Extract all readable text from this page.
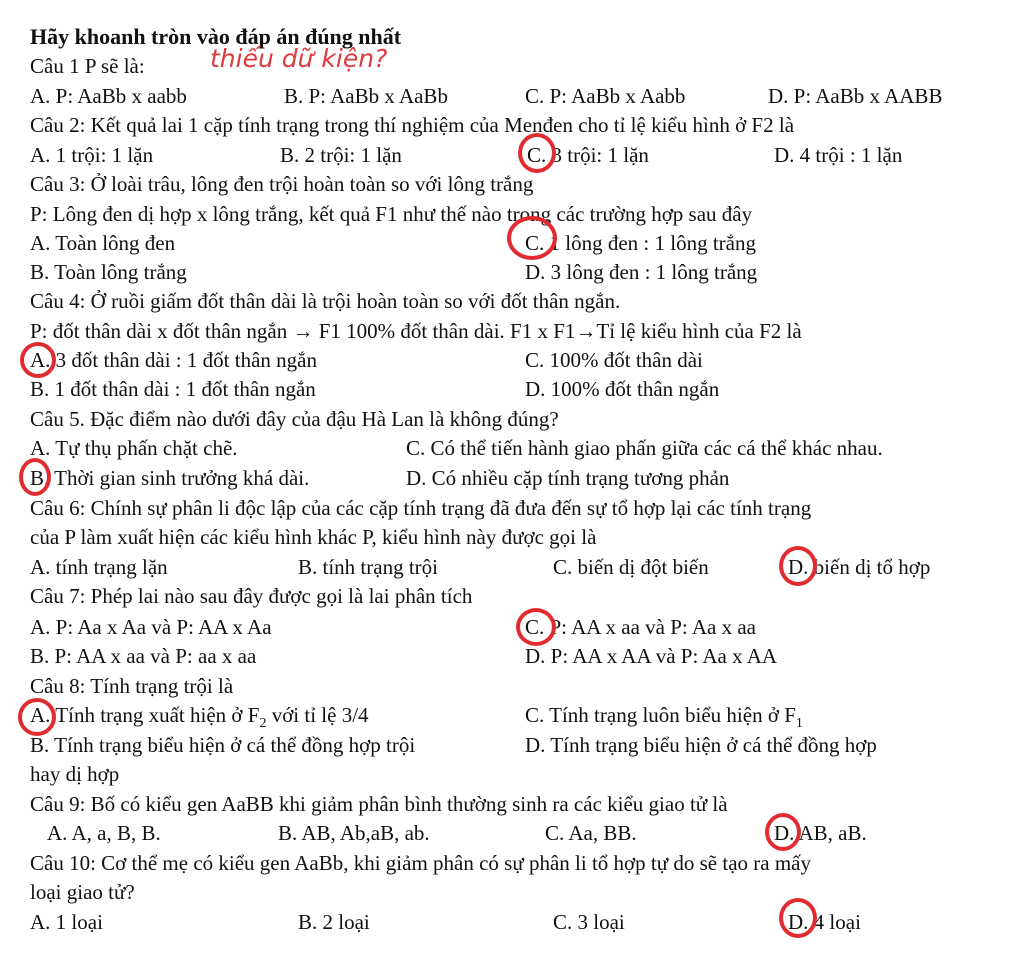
Hãy khoanh tròn vào đáp án đúng nhất
Câu 1 P sẽ là:	thiếu dữ kiện?
A. P: AaBb x aabb	B. P: AaBb x AaBb	C. P: AaBb x Aabb	D. P: AaBb x AABB
Câu 2: Kết quả lai 1 cặp tính trạng trong thí nghiệm của Menđen cho tỉ lệ kiểu hình ở F2 là
A. 1 trội: 1 lặn	B. 2 trội: 1 lặn	C. 3 trội: 1 lặn	D. 4 trội : 1 lặn
Câu 3: Ở loài trâu, lông đen trội hoàn toàn so với lông trắng
P: Lông đen dị hợp x lông trắng, kết quả F1 như thế nào trong các trường hợp sau đây
A. Toàn lông đen	C. 1 lông đen : 1 lông trắng
B. Toàn lông trắng	D. 3 lông đen : 1 lông trắng
Câu 4: Ở ruồi giấm đốt thân dài là trội hoàn toàn so với đốt thân ngắn.
P: đốt thân dài x đốt thân ngắn → F1 100% đốt thân dài. F1 x F1→Tỉ lệ kiểu hình của F2 là
A. 3 đốt thân dài : 1 đốt thân ngắn	C. 100% đốt thân dài
B. 1 đốt thân dài : 1 đốt thân ngắn	D. 100% đốt thân ngắn
Câu 5. Đặc điểm nào dưới đây của đậu Hà Lan là không đúng?
A. Tự thụ phấn chặt chẽ.	C. Có thể tiến hành giao phấn giữa các cá thể khác nhau.
B. Thời gian sinh trưởng khá dài.	D. Có nhiều cặp tính trạng tương phản
Câu 6: Chính sự phân li độc lập của các cặp tính trạng đã đưa đến sự tổ hợp lại các tính trạng
của P làm xuất hiện các kiểu hình khác P, kiểu hình này được gọi là
A. tính trạng lặn	B. tính trạng trội	C. biến dị đột biến	D. biến dị tổ hợp
Câu 7: Phép lai nào sau đây được gọi là lai phân tích
A. P: Aa x Aa và P: AA x Aa	C. P: AA x aa và P: Aa x aa
B. P: AA x aa và P: aa x aa	D. P: AA x AA và P: Aa x AA
Câu 8: Tính trạng trội là
A. Tính trạng xuất hiện ở $F_2$ với tỉ lệ 3/4	C. Tính trạng luôn biểu hiện ở $F_1$
B. Tính trạng biểu hiện ở cá thể đồng hợp trội	D. Tính trạng biểu hiện ở cá thể đồng hợp
hay dị hợp
Câu 9: Bố có kiểu gen AaBB khi giảm phân bình thường sinh ra các kiểu giao tử là
A. A, a, B, B.	B. AB, Ab,aB, ab.	C. Aa, BB.	D. AB, aB.
Câu 10: Cơ thể mẹ có kiểu gen AaBb, khi giảm phân có sự phân li tổ hợp tự do sẽ tạo ra mấy
loại giao tử?
A. 1 loại	B. 2 loại	C. 3 loại	D. 4 loại
